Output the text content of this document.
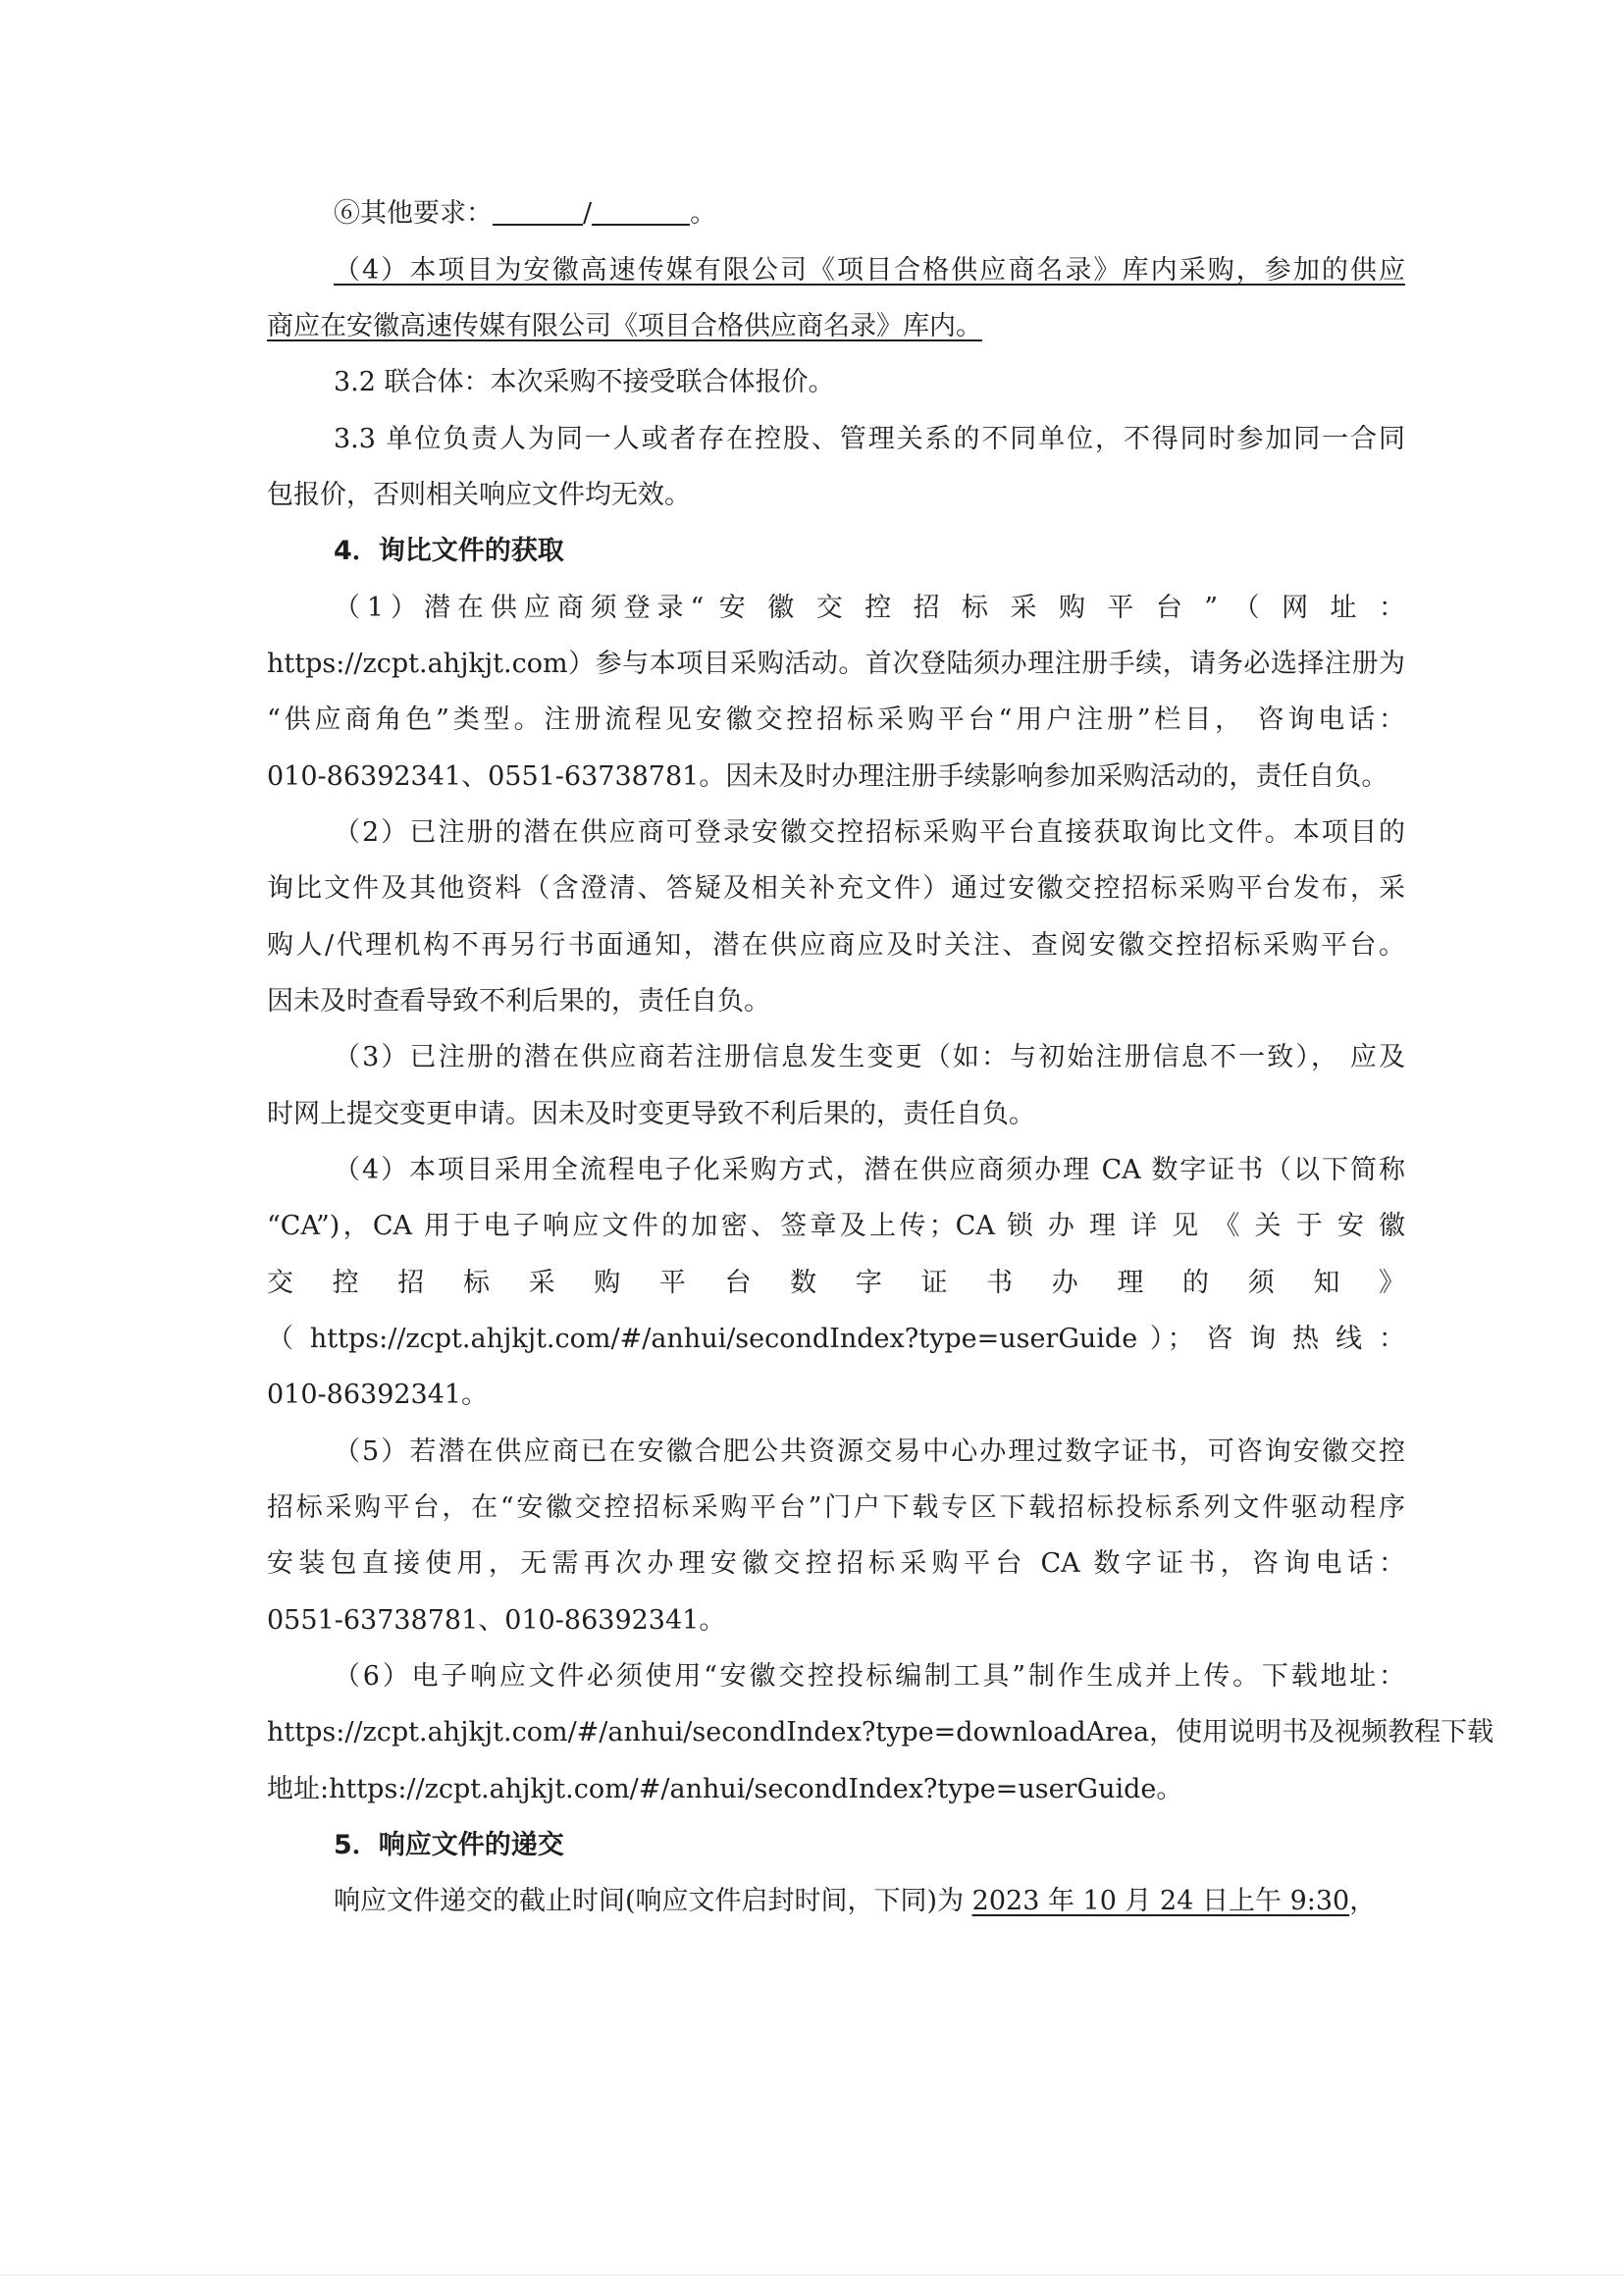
⑥其他要求：	/	。
（4）本项目为安徽高速传媒有限公司《项目合格供应商名录》库内采购，参加的供应
商应在安徽高速传媒有限公司《项目合格供应商名录》库内。
3.2 联合体：本次采购不接受联合体报价。
3.3 单位负责人为同一人或者存在控股、管理关系的不同单位，不得同时参加同一合同
包报价，否则相关响应文件均无效。
4．询比文件的获取
（1）潜在供应商须登录“ 安 徽 交 控 招 标 采 购 平 台 ” （ 网 址 ：
https://zcpt.ahjkjt.com）参与本项目采购活动。首次登陆须办理注册手续，请务必选择注册为
“供应商角色”类型。注册流程见安徽交控招标采购平台“用户注册”栏目， 咨询电话：
010-86392341、0551-63738781。因未及时办理注册手续影响参加采购活动的，责任自负。
（2）已注册的潜在供应商可登录安徽交控招标采购平台直接获取询比文件。本项目的
询比文件及其他资料（含澄清、答疑及相关补充文件）通过安徽交控招标采购平台发布，采
购人/代理机构不再另行书面通知，潜在供应商应及时关注、查阅安徽交控招标采购平台。
因未及时查看导致不利后果的，责任自负。
（3）已注册的潜在供应商若注册信息发生变更（如：与初始注册信息不一致）， 应及
时网上提交变更申请。因未及时变更导致不利后果的，责任自负。
（4）本项目采用全流程电子化采购方式，潜在供应商须办理 CA 数字证书（以下简称
“CA”)，CA 用于电子响应文件的加密、签章及上传；CA 锁 办 理 详 见 《 关 于 安 徽
交 控 招 标 采 购 平 台 数 字 证 书 办 理 的 须 知 》
（ https://zcpt.ahjkjt.com/#/anhui/secondIndex?type=userGuide ）； 咨 询 热 线 ：
010-86392341。
（5）若潜在供应商已在安徽合肥公共资源交易中心办理过数字证书，可咨询安徽交控
招标采购平台，在“安徽交控招标采购平台”门户下载专区下载招标投标系列文件驱动程序
安装包直接使用，无需再次办理安徽交控招标采购平台 CA 数字证书，咨询电话：
0551-63738781、010-86392341。
（6）电子响应文件必须使用“安徽交控投标编制工具”制作生成并上传。下载地址：
https://zcpt.ahjkjt.com/#/anhui/secondIndex?type=downloadArea，使用说明书及视频教程下载
地址:https://zcpt.ahjkjt.com/#/anhui/secondIndex?type=userGuide。
5．响应文件的递交
响应文件递交的截止时间(响应文件启封时间，下同)为 2023 年 10 月 24 日上午 9:30，
